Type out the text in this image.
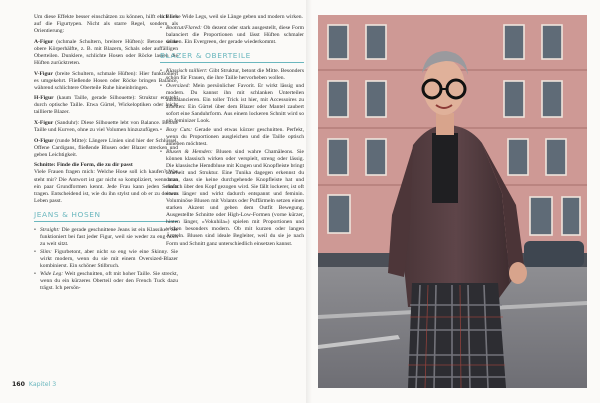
Um diese Effekte besser einschätzen zu können, hilft ein Blick auf die Figurtypen. Nicht als starre Regel, sondern als Orientierung:

A-Figur (schmale Schultern, breitere Hüften): Betone deine obere Körperhälfte, z. B. mit Blazern, Schals oder auffälligen Oberteilen. Dunklere, schlichte Hosen oder Röcke lassen die Hüften zurücktreten.

V-Figur (breite Schultern, schmale Hüften): Hier funktioniert es umgekehrt. Fließende Hosen oder Röcke bringen Balance, während schlichtere Oberteile Ruhe hineinbringen.

H-Figur (kaum Taille, gerade Silhouette): Struktur entsteht durch optische Taille. Etwa Gürtel, Wickeloptiken oder leicht taillierte Blazer.

X-Figur (Sanduhr): Diese Silhouette lebt von Balance. Betone Taille und Kurven, ohne zu viel Volumen hinzuzufügen.

O-Figur (runde Mitte): Längere Linien sind hier der Schlüssel. Offene Cardigans, fließende Blusen oder Blazer strecken und geben Leichtigkeit.

Schnitte: Finde die Form, die zu dir passt
Viele Frauen fragen mich: Welche Hose soll ich kaufen? Was steht mir? Die Antwort ist gar nicht so kompliziert, wenn man ein paar Grundformen kennt. Jede Frau kann jeden Schnitt tragen. Entscheidend ist, wie du ihn stylst und ob er zu deinem Leben passt.

JEANS & HOSEN
• Straight: Die gerade geschnittene Jeans ist ein Klassiker. Sie funktioniert bei fast jeder Figur, weil sie weder zu eng noch zu weit sitzt.
• Slim: Figurbetont, aber nicht so eng wie eine Skinny. Sie wirkt modern, wenn du sie mit einem Oversized-Blazer kombinierst. Ein schöner Stilbruch.
• Wide Leg: Weit geschnitten, oft mit hoher Taille. Sie streckt, wenn du ein kürzeres Oberteil oder den French Tuck dazu trägst. Ich persön-

lich liebe Wide Legs, weil sie Länge geben und modern wirken.

• Bootcut/Flared: Ob dezent oder stark ausgestellt, diese Form balanciert die Proportionen und lässt Hüften schmaler wirken. Ein Evergreen, der gerade wiederkommt.
BLAZER & OBERTEILE
• Klassisch tailliert: Gibt Struktur, betont die Mitte. Besonders schön für Frauen, die ihre Taille hervorheben wollen.
• Oversized: Mein persönlicher Favorit. Er wirkt lässig und modern. Du kannst ihn mit schlanken Unterteilen ausbalancieren. Ein toller Trick ist hier, mit Accessoires zu arbeiten: Ein Gürtel über dem Blazer oder Mantel zaubert sofort eine Sanduhrform. Aus einem lockeren Schnitt wird so ein feminizer Look.
• Boxy Cuts: Gerade und etwas kürzer geschnitten. Perfekt, wenn du Proportionen ausgleichen und die Taille optisch anheben möchtest.
• Blusen & Hemden: Blusen sind wahre Chamäleons. Sie können klassisch wirken oder verspielt, streng oder lässig. Die klassische Hemdbluse mit Kragen und Knopfleiste bringt Klarheit und Struktur. Eine Tunika dagegen erkennst du daran, dass sie keine durchgehende Knopfleiste hat und einfach über den Kopf gezogen wird. Sie fällt lockerer, ist oft etwas länger und wirkt dadurch entspannt und feminin. Voluminöse Blusen mit Volants oder Puffärmeln setzen einen starken Akzent und geben dem Outfit Bewegung. Ausgestellte Schnitte oder High-Low-Formen (vorne kürzer, hinten länger, »Vokuhila«) spielen mit Proportionen und wirken besonders modern. Ob mit kurzen oder langen Ärmeln. Blusen sind ideale Begleiter, weil du sie je nach Form und Schnitt ganz unterschiedlich einsetzen kannst.
160 Kapitel 3
